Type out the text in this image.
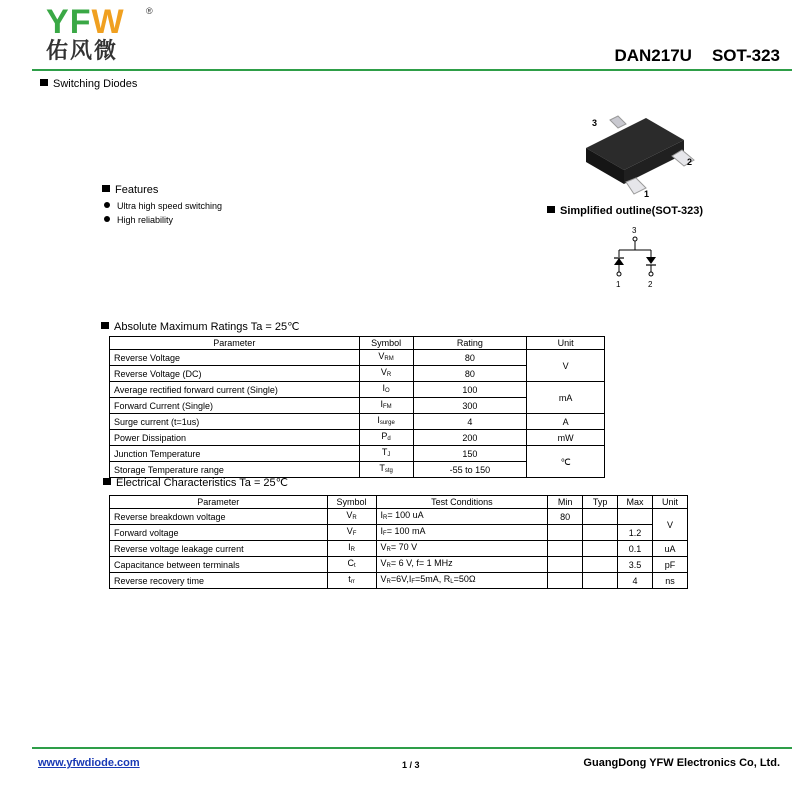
YFW ®
佑风微	DAN217U SOT-323
Switching Diodes
3
2
1
Features
Ultra high speed switching
High reliability
Simplified outline(SOT-323)
3
1	2
Absolute Maximum Ratings Ta = 25℃
Parameter	Symbol	Rating	Unit
Reverse Voltage	$V_{RM}$	80	V
Reverse Voltage (DC)	$V_R$	80	
Average rectified forward current (Single)	$I_O$	100	mA
Forward Current (Single)	$I_{FM}$	300	
Surge current (t=1us)	$I_{surge}$	4	A
Power Dissipation	$P_d$	200	mW
Junction Temperature	$T_J$	150	℃
Storage Temperature range	$T_{stg}$	-55 to 150	
Electrical Characteristics Ta = 25℃
Parameter	Symbol	Test Conditions	Min	Typ	Max	Unit
Reverse breakdown voltage	$V_R$	$I_R= 100$ uA	80			V
Forward voltage	$V_F$	$I_F= 100$ mA			1.2	
Reverse voltage leakage current	$I_R$	$V_R= 70$ V			0.1	uA
Capacitance between terminals	$C_t$	$V_R= 6$ V, f= 1 MHz			3.5	pF
Reverse recovery time	$t_{rr}$	$V_R=6V,I_F=5mA$, $R_L=50\Omega$			4	ns
www.yfwdiode.com	1 / 3	GuangDong YFW Electronics Co, Ltd.
